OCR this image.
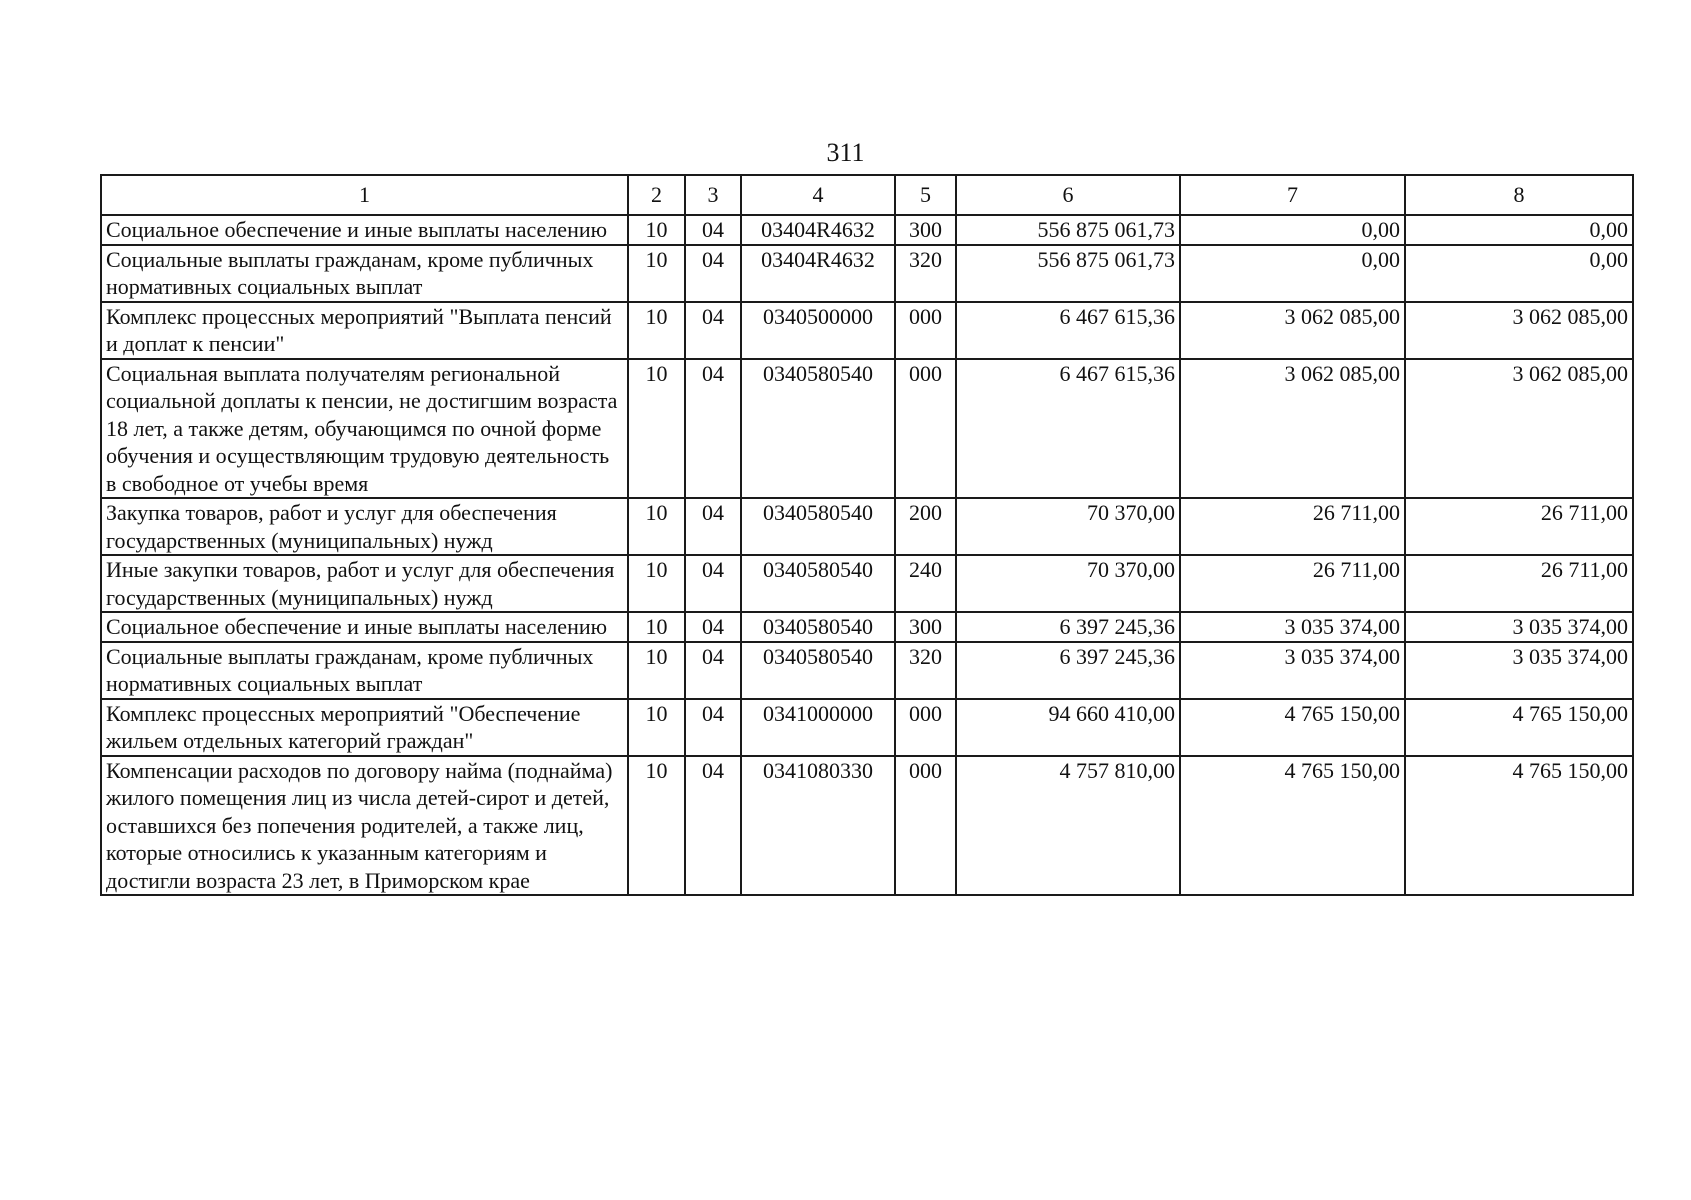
311
1	2	3	4	5	6	7	8
Социальное обеспечение и иные выплаты населению	10	04	03404R4632	300	556 875 061,73	0,00	0,00
Социальные выплаты гражданам, кроме публичных нормативных социальных выплат	10	04	03404R4632	320	556 875 061,73	0,00	0,00
Комплекс процессных мероприятий "Выплата пенсий и доплат к пенсии"	10	04	0340500000	000	6 467 615,36	3 062 085,00	3 062 085,00
Социальная выплата получателям региональной социальной доплаты к пенсии, не достигшим возраста 18 лет, а также детям, обучающимся по очной форме обучения и осуществляющим трудовую деятельность в свободное от учебы время	10	04	0340580540	000	6 467 615,36	3 062 085,00	3 062 085,00
Закупка товаров, работ и услуг для обеспечения государственных (муниципальных) нужд	10	04	0340580540	200	70 370,00	26 711,00	26 711,00
Иные закупки товаров, работ и услуг для обеспечения государственных (муниципальных) нужд	10	04	0340580540	240	70 370,00	26 711,00	26 711,00
Социальное обеспечение и иные выплаты населению	10	04	0340580540	300	6 397 245,36	3 035 374,00	3 035 374,00
Социальные выплаты гражданам, кроме публичных нормативных социальных выплат	10	04	0340580540	320	6 397 245,36	3 035 374,00	3 035 374,00
Комплекс процессных мероприятий "Обеспечение жильем отдельных категорий граждан"	10	04	0341000000	000	94 660 410,00	4 765 150,00	4 765 150,00
Компенсации расходов по договору найма (поднайма) жилого помещения лиц из числа детей-сирот и детей, оставшихся без попечения родителей, а также лиц, которые относились к указанным категориям и достигли возраста 23 лет, в Приморском крае	10	04	0341080330	000	4 757 810,00	4 765 150,00	4 765 150,00
